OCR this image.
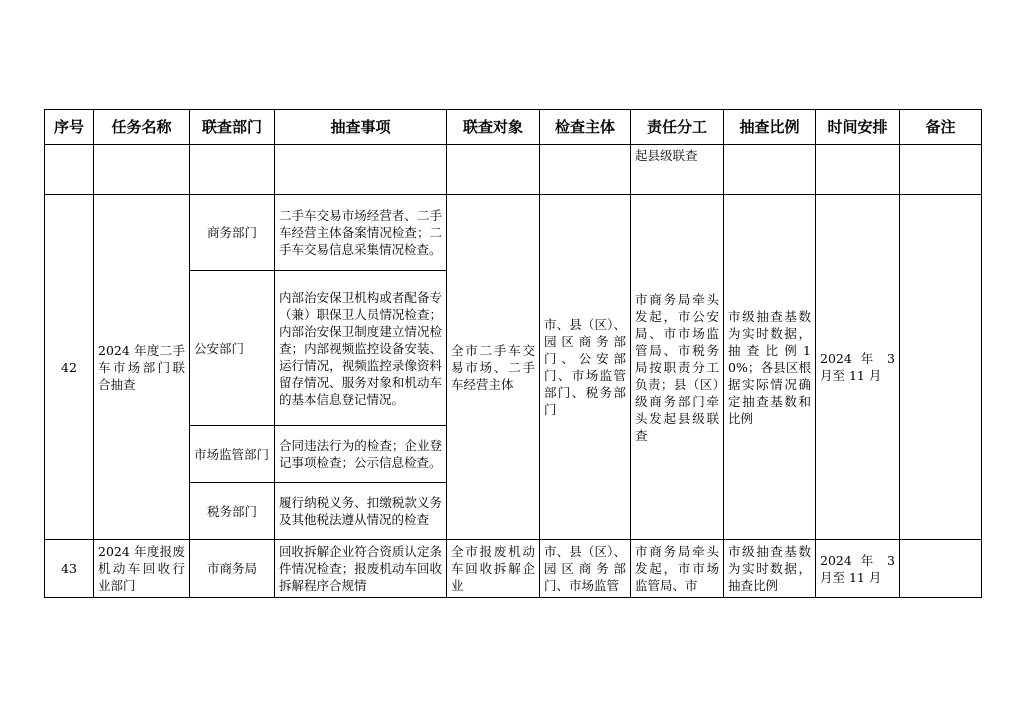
序号	任务名称	联查部门	抽查事项	联查对象	检查主体	责任分工	抽查比例	时间安排	备注
						起县级联查			
42	2024 年度二手车市场部门联合抽查	商务部门	二手车交易市场经营者、二手车经营主体备案情况检查；二手车交易信息采集情况检查。	全市二手车交易市场、二手车经营主体	市、县（区）、园区商务部门、公安部门、市场监管部门、税务部门	市商务局牵头发起，市公安局、市市场监管局、市税务局按职责分工负责；县（区）级商务部门牵头发起县级联查	市级抽查基数为实时数据，抽查比例10%；各县区根据实际情况确定抽查基数和比例	2024 年 3 月至 11 月	
		公安部门	内部治安保卫机构或者配备专（兼）职保卫人员情况检查；内部治安保卫制度建立情况检查；内部视频监控设备安装、运行情况，视频监控录像资料留存情况、服务对象和机动车的基本信息登记情况。						
		市场监管部门	合同违法行为的检查；企业登记事项检查；公示信息检查。						
		税务部门	履行纳税义务、扣缴税款义务及其他税法遵从情况的检查						
43	2024 年度报废机动车回收行业部门	市商务局	回收拆解企业符合资质认定条件情况检查；报废机动车回收拆解程序合规情	全市报废机动车回收拆解企业	市、县（区）、园区商务部门、市场监管	市商务局牵头发起，市市场监管局、市	市级抽查基数为实时数据，抽查比例	2024 年 3 月至 11 月	
